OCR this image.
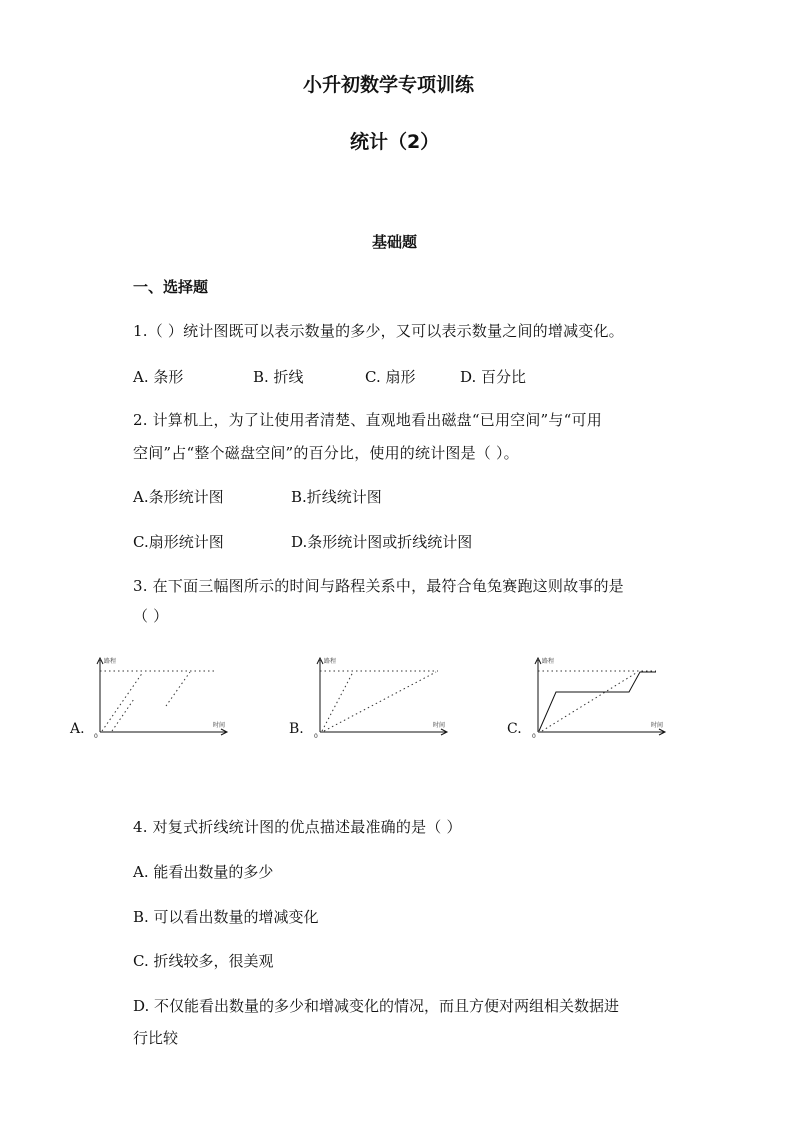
小升初数学专项训练
统计（2）
基础题
一、选择题
1.（ ）统计图既可以表示数量的多少，又可以表示数量之间的增减变化。
A. 条形	B. 折线	C. 扇形	D. 百分比
2. 计算机上，为了让使用者清楚、直观地看出磁盘“已用空间”与“可用
空间”占“整个磁盘空间”的百分比，使用的统计图是（ ）。
A.条形统计图	B.折线统计图
C.扇形统计图	D.条形统计图或折线统计图
3. 在下面三幅图所示的时间与路程关系中，最符合龟兔赛跑这则故事的是
（ ）
A.
路程
时间
0	B.
路程
时间
0	C.
路程
时间
0
4. 对复式折线统计图的优点描述最准确的是（ ）
A. 能看出数量的多少
B. 可以看出数量的增减变化
C. 折线较多，很美观
D. 不仅能看出数量的多少和增减变化的情况，而且方便对两组相关数据进
行比较
